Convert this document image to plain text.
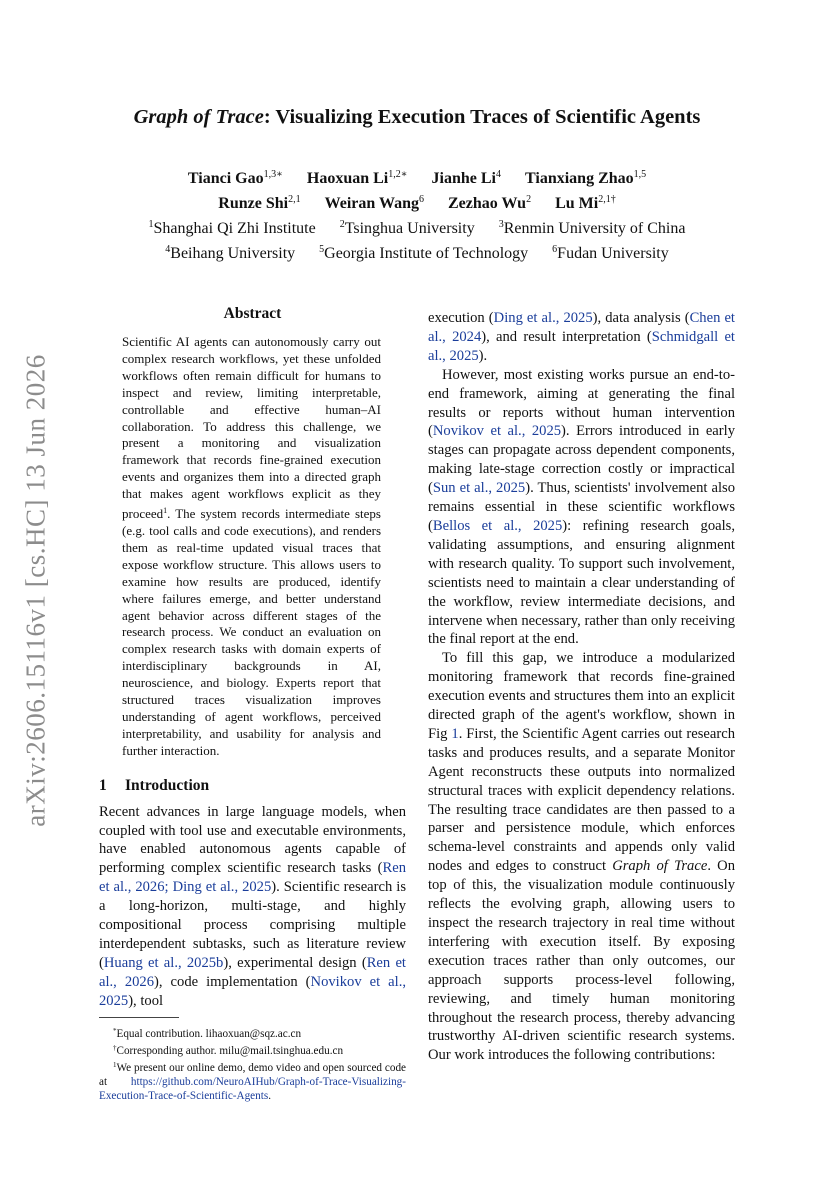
arXiv:2606.15116v1 [cs.HC] 13 Jun 2026
Graph of Trace: Visualizing Execution Traces of Scientific Agents
Tianci Gao$^{1,3∗}$ Haoxuan $Li^{1,2∗}$ Jianhe Li$^4$ Tianxiang Zhao$^{1,5}$
Runze Shi$^{2,1}$ Weiran Wang$^6$ Zezhao Wu$^2$ Lu $Mi^{2,1\dagger}$
$^1$Shanghai Qi Zhi Institute $^2$Tsinghua University $^3$Renmin University of China
$^4$Beihang University $^5$Georgia Institute of Technology $^6$Fudan University
Abstract

Scientific AI agents can autonomously carry out complex research workflows, yet these unfolded workflows often remain difficult for humans to inspect and review, limiting interpretable, controllable and effective human–AI collaboration. To address this challenge, we present a monitoring and visualization framework that records fine-grained execution events and organizes them into a directed graph that makes agent workflows explicit as they proceed$^1$. The system records intermediate steps (e.g. tool calls and code executions), and renders them as real-time updated visual traces that expose workflow structure. This allows users to examine how results are produced, identify where failures emerge, and better understand agent behavior across different stages of the research process. We conduct an evaluation on complex research tasks with domain experts of interdisciplinary backgrounds in AI, neuroscience, and biology. Experts report that structured traces visualization improves understanding of agent workflows, perceived interpretability, and usability for analysis and further interaction.

1 Introduction

Recent advances in large language models, when coupled with tool use and executable environments, have enabled autonomous agents capable of performing complex scientific research tasks (Ren et al., 2026; Ding et al., 2025). Scientific research is a long-horizon, multi-stage, and highly compositional process comprising multiple interdependent subtasks, such as literature review (Huang et al., 2025b), experimental design (Ren et al., 2026), code implementation (Novikov et al., 2025), tool

*Equal contribution. lihaoxuan@sqz.ac.cn

†Corresponding author. milu@mail.tsinghua.edu.cn

$^1$We present our online demo, demo video and open sourced code at https://github.com/NeuroAIHub/Graph-of-Trace-Visualizing-Execution-Trace-of-Scientific-Agents.

execution (Ding et al., 2025), data analysis (Chen et al., 2024), and result interpretation (Schmidgall et al., 2025).

However, most existing works pursue an end-to-end framework, aiming at generating the final results or reports without human intervention (Novikov et al., 2025). Errors introduced in early stages can propagate across dependent components, making late-stage correction costly or impractical (Sun et al., 2025). Thus, scientists' involvement also remains essential in these scientific workflows (Bellos et al., 2025): refining research goals, validating assumptions, and ensuring alignment with research quality. To support such involvement, scientists need to maintain a clear understanding of the workflow, review intermediate decisions, and intervene when necessary, rather than only receiving the final report at the end.

To fill this gap, we introduce a modularized monitoring framework that records fine-grained execution events and structures them into an explicit directed graph of the agent's workflow, shown in Fig 1. First, the Scientific Agent carries out research tasks and produces results, and a separate Monitor Agent reconstructs these outputs into normalized structural traces with explicit dependency relations. The resulting trace candidates are then passed to a parser and persistence module, which enforces schema-level constraints and appends only valid nodes and edges to construct Graph of Trace. On top of this, the visualization module continuously reflects the evolving graph, allowing users to inspect the research trajectory in real time without interfering with execution itself. By exposing execution traces rather than only outcomes, our approach supports process-level following, reviewing, and timely human monitoring throughout the research process, thereby advancing trustworthy AI-driven scientific research systems. Our work introduces the following contributions:
